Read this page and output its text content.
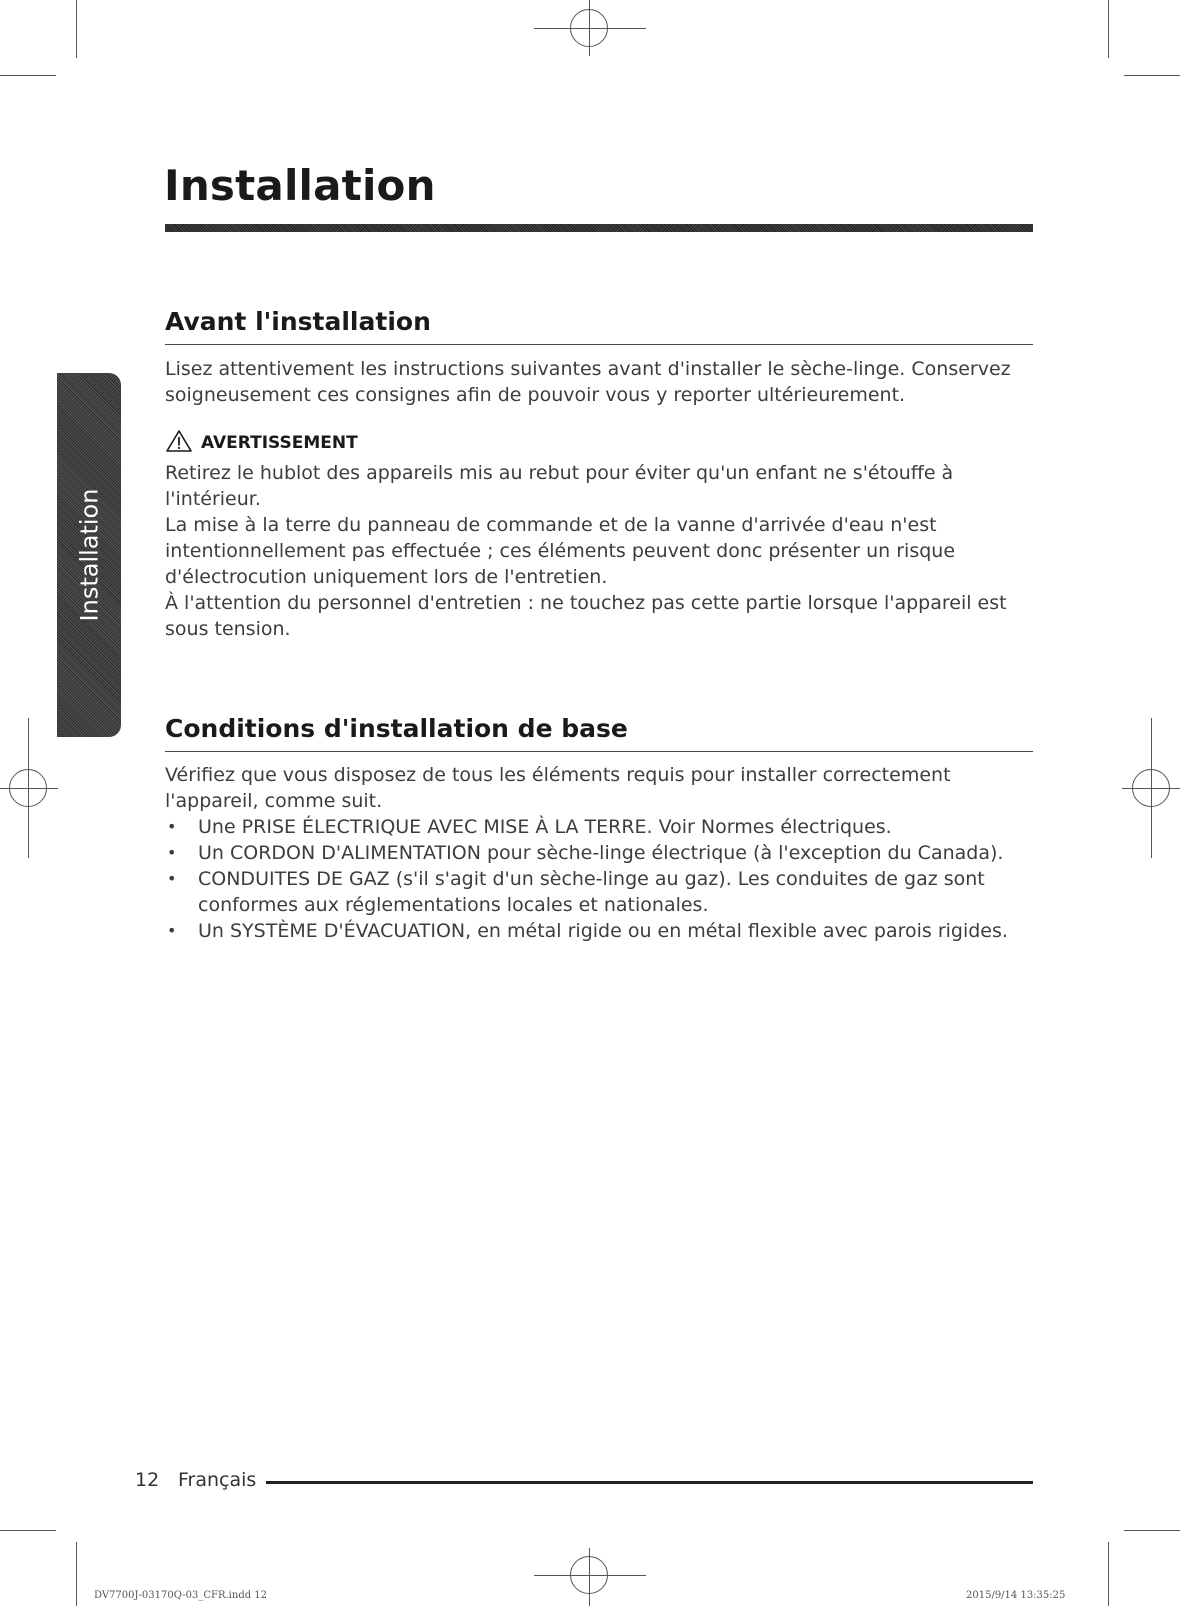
Installation
Installation
Avant l'installation

Lisez attentivement les instructions suivantes avant d'installer le sèche-linge. Conservez soigneusement ces consignes afin de pouvoir vous y reporter ultérieurement.

AVERTISSEMENT

Retirez le hublot des appareils mis au rebut pour éviter qu'un enfant ne s'étouffe à l'intérieur.

La mise à la terre du panneau de commande et de la vanne d'arrivée d'eau n'est intentionnellement pas effectuée ; ces éléments peuvent donc présenter un risque d'électrocution uniquement lors de l'entretien.

À l'attention du personnel d'entretien : ne touchez pas cette partie lorsque l'appareil est sous tension.

Conditions d'installation de base

Vérifiez que vous disposez de tous les éléments requis pour installer correctement l'appareil, comme suit.

• Une PRISE ÉLECTRIQUE AVEC MISE À LA TERRE. Voir Normes électriques.
• Un CORDON D'ALIMENTATION pour sèche-linge électrique (à l'exception du Canada).
• CONDUITES DE GAZ (s'il s'agit d'un sèche-linge au gaz). Les conduites de gaz sont conformes aux réglementations locales et nationales.
• Un SYSTÈME D'ÉVACUATION, en métal rigide ou en métal flexible avec parois rigides.
12 Français
DV7700J-03170Q-03_CFR.indd 12	2015/9/14 13:35:25
